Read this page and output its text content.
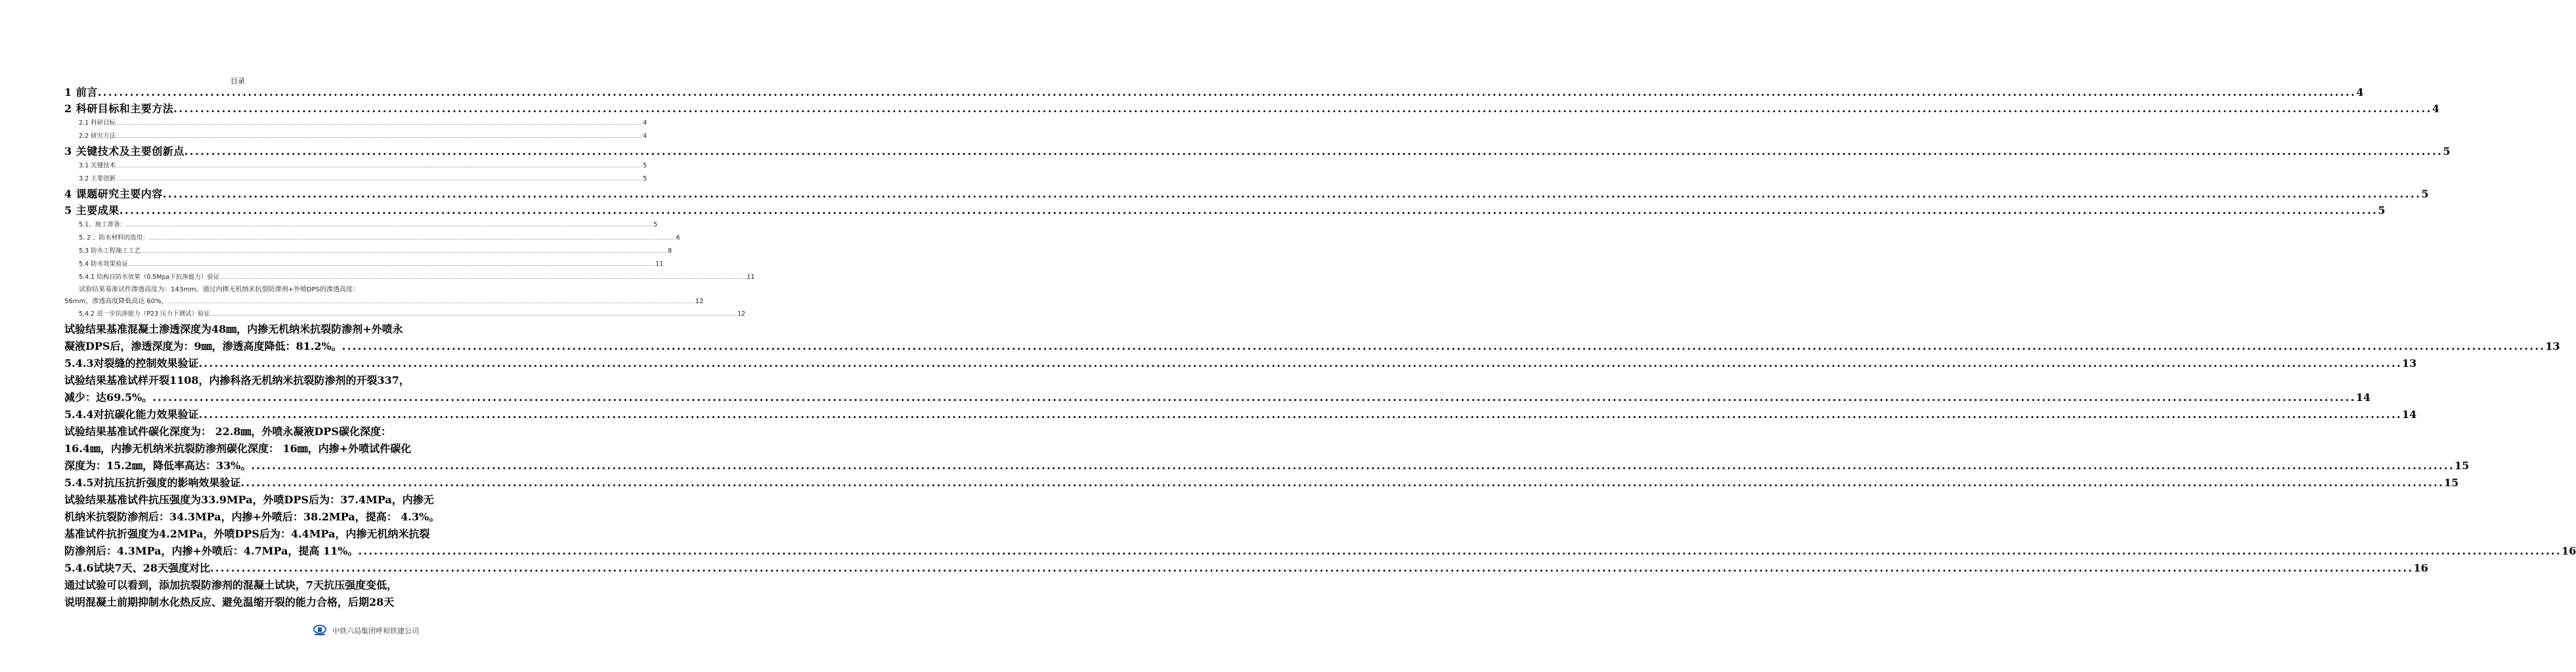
目录
1 前言 .....	4
2 科研目标和主要方法 .....	4
2.1 科研目标 .....	4
2.2 研究方法 .....	4
3 关键技术及主要创新点 .....	5
3.1 关键技术 .....	5
3.2 主要创新 .....	5
4 课题研究主要内容 .....	5
5 主要成果 .....	5
5.1、施工准备： .....	5
5. 2 、防水材料的选用： .....	6
5.3 防水工程施工工艺 .....	8
5.4 防水效果验证 .....	11
5.4.1 结构自防水效果（0.5Mpa下抗渗能力）验证 .....	11
试验结果基准试件渗透高度为：143mm，通过内掺无机纳米抗裂防渗剂+外喷DPS的渗透高度：
56mm，渗透高度降低高达 60%， .....	12
5.4.2 进一步抗渗能力（P23 压力下测试）验证 .....	12
试验结果基准混凝土渗透深度为48㎜，内掺无机纳米抗裂防渗剂+外喷永
凝液DPS后，渗透深度为：9㎜，渗透高度降低：81.2%。 .....	13
5.4.3对裂缝的控制效果验证 .....	13
试验结果基准试样开裂1108，内掺科洛无机纳米抗裂防渗剂的开裂337，
减少：达69.5%。 .....	14
5.4.4对抗碳化能力效果验证 .....	14
试验结果基准试件碳化深度为： 22.8㎜，外喷永凝液DPS碳化深度：
16.4㎜，内掺无机纳米抗裂防渗剂碳化深度： 16㎜，内掺+外喷试件碳化
深度为：15.2㎜，降低率高达：33%。 .....	15
5.4.5对抗压抗折强度的影响效果验证 .....	15
试验结果基准试件抗压强度为33.9MPa，外喷DPS后为：37.4MPa，内掺无
机纳米抗裂防渗剂后：34.3MPa，内掺+外喷后：38.2MPa，提高： 4.3%。
基准试件抗折强度为4.2MPa，外喷DPS后为：4.4MPa，内掺无机纳米抗裂
防渗剂后：4.3MPa，内掺+外喷后：4.7MPa，提高 11%。 .....	16
5.4.6试块7天、28天强度对比 .....	16
通过试验可以看到，添加抗裂防渗剂的混凝土试块，7天抗压强度变低，
说明混凝土前期抑制水化热反应、避免温缩开裂的能力合格，后期28天
中铁六局集团呼和铁建公司
